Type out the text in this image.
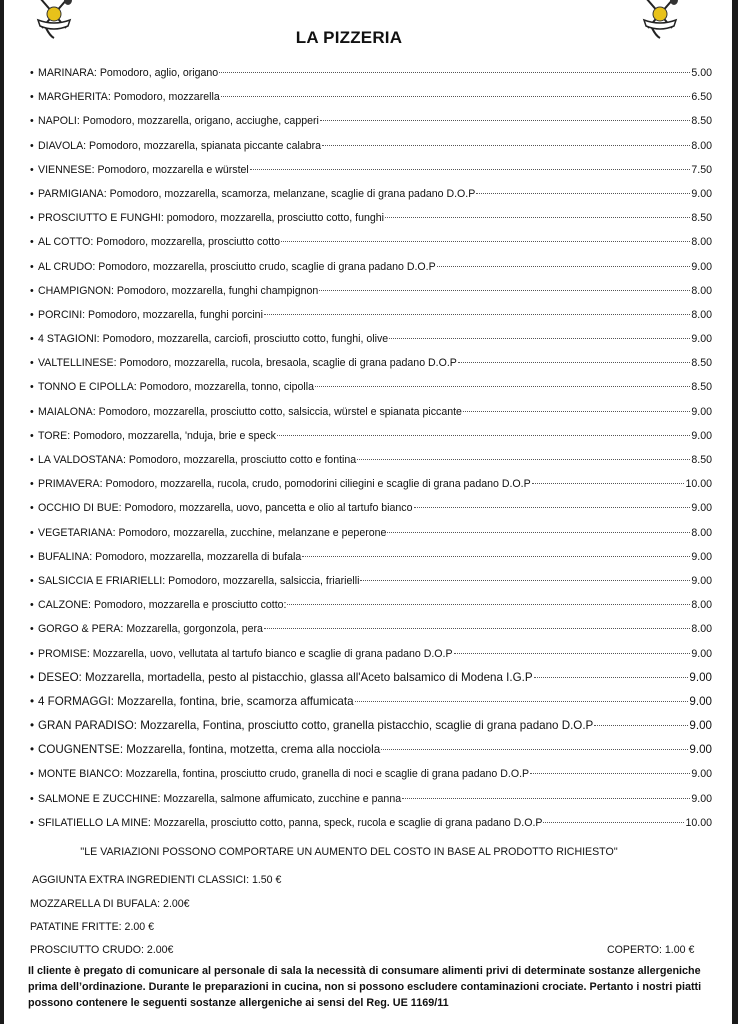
LA PIZZERIA
• MARINARA: Pomodoro, aglio, origano	5.00
• MARGHERITA: Pomodoro, mozzarella	6.50
• NAPOLI: Pomodoro, mozzarella, origano, acciughe, capperi	8.50
• DIAVOLA: Pomodoro, mozzarella, spianata piccante calabra	8.00
• VIENNESE: Pomodoro, mozzarella e würstel	7.50
• PARMIGIANA: Pomodoro, mozzarella, scamorza, melanzane, scaglie di grana padano D.O.P	9.00
• PROSCIUTTO E FUNGHI: pomodoro, mozzarella, prosciutto cotto, funghi	8.50
• AL COTTO: Pomodoro, mozzarella, prosciutto cotto	8.00
• AL CRUDO: Pomodoro, mozzarella, prosciutto crudo, scaglie di grana padano D.O.P	9.00
• CHAMPIGNON: Pomodoro, mozzarella, funghi champignon	8.00
• PORCINI: Pomodoro, mozzarella, funghi porcini	8.00
• 4 STAGIONI: Pomodoro, mozzarella, carciofi, prosciutto cotto, funghi, olive	9.00
• VALTELLINESE: Pomodoro, mozzarella, rucola, bresaola, scaglie di grana padano D.O.P	8.50
• TONNO E CIPOLLA: Pomodoro, mozzarella, tonno, cipolla	8.50
• MAIALONA: Pomodoro, mozzarella, prosciutto cotto, salsiccia, würstel e spianata piccante	9.00
• TORE: Pomodoro, mozzarella, 'nduja, brie e speck	9.00
• LA VALDOSTANA: Pomodoro, mozzarella, prosciutto cotto e fontina	8.50
• PRIMAVERA: Pomodoro, mozzarella, rucola, crudo, pomodorini ciliegini e scaglie di grana padano D.O.P	10.00
• OCCHIO DI BUE: Pomodoro, mozzarella, uovo, pancetta e olio al tartufo bianco	9.00
• VEGETARIANA: Pomodoro, mozzarella, zucchine, melanzane e peperone	8.00
• BUFALINA: Pomodoro, mozzarella, mozzarella di bufala	9.00
• SALSICCIA E FRIARIELLI: Pomodoro, mozzarella, salsiccia, friarielli	9.00
• CALZONE: Pomodoro, mozzarella e prosciutto cotto:	8.00
• GORGO & PERA: Mozzarella, gorgonzola, pera	8.00
• PROMISE: Mozzarella, uovo, vellutata al tartufo bianco e scaglie di grana padano D.O.P	9.00
• DESEO: Mozzarella, mortadella, pesto al pistacchio, glassa all'Aceto balsamico di Modena I.G.P	9.00
• 4 FORMAGGI: Mozzarella, fontina, brie, scamorza affumicata	9.00
• GRAN PARADISO: Mozzarella, Fontina, prosciutto cotto, granella pistacchio, scaglie di grana padano D.O.P	9.00
• COUGNENTSE: Mozzarella, fontina, motzetta, crema alla nocciola	9.00
• MONTE BIANCO: Mozzarella, fontina, prosciutto crudo, granella di noci e scaglie di grana padano D.O.P	9.00
• SALMONE E ZUCCHINE: Mozzarella, salmone affumicato, zucchine e panna	9.00
• SFILATIELLO LA MINE: Mozzarella, prosciutto cotto, panna, speck, rucola e scaglie di grana padano D.O.P	10.00
''LE VARIAZIONI POSSONO COMPORTARE UN AUMENTO DEL COSTO IN BASE AL PRODOTTO RICHIESTO''
AGGIUNTA EXTRA INGREDIENTI CLASSICI: 1.50 €
MOZZARELLA DI BUFALA: 2.00€
PATATINE FRITTE: 2.00 €
PROSCIUTTO CRUDO: 2.00€	COPERTO: 1.00 €
Il cliente è pregato di comunicare al personale di sala la necessità di consumare alimenti privi di determinate sostanze allergeniche prima dell’ordinazione. Durante le preparazioni in cucina, non si possono escludere contaminazioni crociate. Pertanto i nostri piatti possono contenere le seguenti sostanze allergeniche ai sensi del Reg. UE 1169/11
